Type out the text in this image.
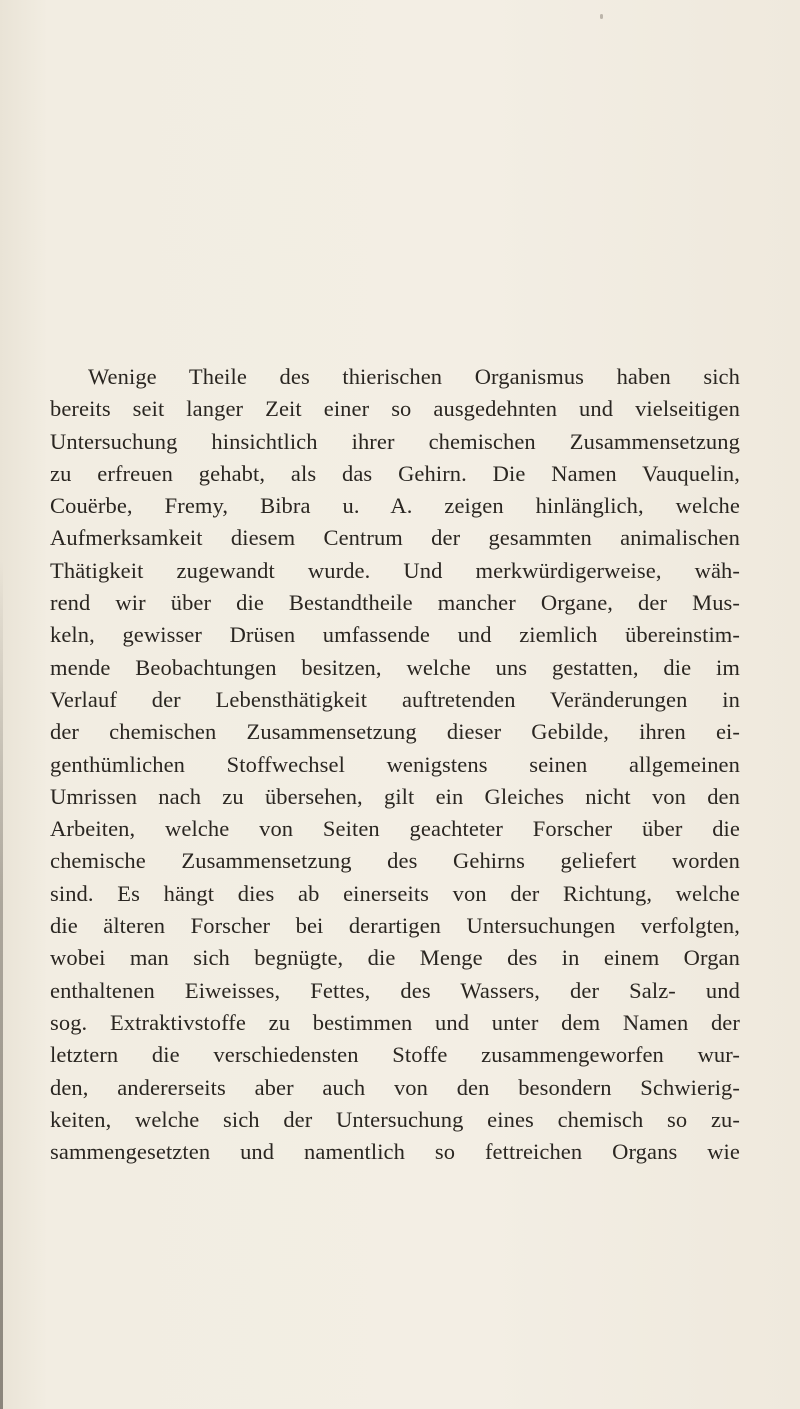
Wenige Theile des thierischen Organismus haben sich
bereits seit langer Zeit einer so ausgedehnten und vielseitigen
Untersuchung hinsichtlich ihrer chemischen Zusammensetzung
zu erfreuen gehabt, als das Gehirn. Die Namen Vauquelin,
Couërbe, Fremy, Bibra u. A. zeigen hinlänglich, welche
Aufmerksamkeit diesem Centrum der gesammten animalischen
Thätigkeit zugewandt wurde. Und merkwürdigerweise, wäh-
rend wir über die Bestandtheile mancher Organe, der Mus-
keln, gewisser Drüsen umfassende und ziemlich übereinstim-
mende Beobachtungen besitzen, welche uns gestatten, die im
Verlauf der Lebensthätigkeit auftretenden Veränderungen in
der chemischen Zusammensetzung dieser Gebilde, ihren ei-
genthümlichen Stoffwechsel wenigstens seinen allgemeinen
Umrissen nach zu übersehen, gilt ein Gleiches nicht von den
Arbeiten, welche von Seiten geachteter Forscher über die
chemische Zusammensetzung des Gehirns geliefert worden
sind. Es hängt dies ab einerseits von der Richtung, welche
die älteren Forscher bei derartigen Untersuchungen verfolgten,
wobei man sich begnügte, die Menge des in einem Organ
enthaltenen Eiweisses, Fettes, des Wassers, der Salz- und
sog. Extraktivstoffe zu bestimmen und unter dem Namen der
letztern die verschiedensten Stoffe zusammengeworfen wur-
den, andererseits aber auch von den besondern Schwierig-
keiten, welche sich der Untersuchung eines chemisch so zu-
sammengesetzten und namentlich so fettreichen Organs wie
